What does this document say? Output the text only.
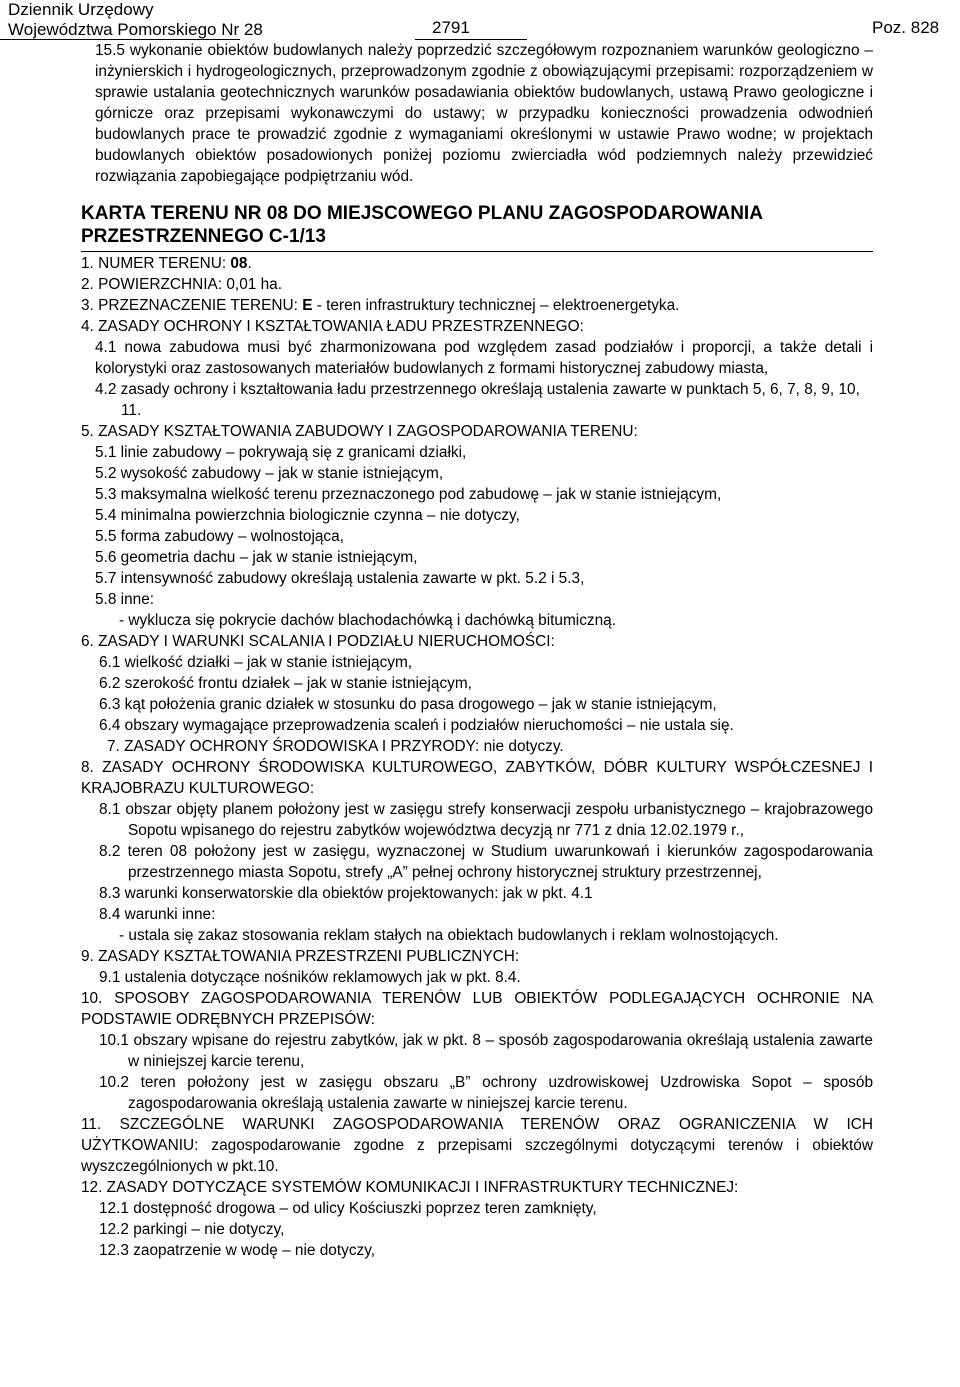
Dziennik Urzędowy
Województwa Pomorskiego Nr 28	2791	Poz. 828

15.5 wykonanie obiektów budowlanych należy poprzedzić szczegółowym rozpoznaniem warunków geologiczno – inżynierskich i hydrogeologicznych, przeprowadzonym zgodnie z obowiązującymi przepisami: rozporządzeniem w sprawie ustalania geotechnicznych warunków posadawiania obiektów budowlanych, ustawą Prawo geologiczne i górnicze oraz przepisami wykonawczymi do ustawy; w przypadku konieczności prowadzenia odwodnień budowlanych prace te prowadzić zgodnie z wymaganiami określonymi w ustawie Prawo wodne; w projektach budowlanych obiektów posadowionych poniżej poziomu zwierciadła wód podziemnych należy przewidzieć rozwiązania zapobiegające podpiętrzaniu wód.

KARTA TERENU NR 08 DO MIEJSCOWEGO PLANU ZAGOSPODAROWANIA PRZESTRZENNEGO C-1/13

1. NUMER TERENU: 08.

2. POWIERZCHNIA: 0,01 ha.

3. PRZEZNACZENIE TERENU: E - teren infrastruktury technicznej – elektroenergetyka.

4. ZASADY OCHRONY I KSZTAŁTOWANIA ŁADU PRZESTRZENNEGO:

4.1 nowa zabudowa musi być zharmonizowana pod względem zasad podziałów i proporcji, a także detali i kolorystyki oraz zastosowanych materiałów budowlanych z formami historycznej zabudowy miasta,

4.2 zasady ochrony i kształtowania ładu przestrzennego określają ustalenia zawarte w punktach 5, 6, 7, 8, 9, 10, 11.

5. ZASADY KSZTAŁTOWANIA ZABUDOWY I ZAGOSPODAROWANIA TERENU:

5.1 linie zabudowy – pokrywają się z granicami działki,

5.2 wysokość zabudowy – jak w stanie istniejącym,

5.3 maksymalna wielkość terenu przeznaczonego pod zabudowę – jak w stanie istniejącym,

5.4 minimalna powierzchnia biologicznie czynna – nie dotyczy,

5.5 forma zabudowy – wolnostojąca,

5.6 geometria dachu – jak w stanie istniejącym,

5.7 intensywność zabudowy określają ustalenia zawarte w pkt. 5.2 i 5.3,

5.8 inne:

- wyklucza się pokrycie dachów blachodachówką i dachówką bitumiczną.

6. ZASADY I WARUNKI SCALANIA I PODZIAŁU NIERUCHOMOŚCI:

6.1 wielkość działki – jak w stanie istniejącym,

6.2 szerokość frontu działek – jak w stanie istniejącym,

6.3 kąt położenia granic działek w stosunku do pasa drogowego – jak w stanie istniejącym,

6.4 obszary wymagające przeprowadzenia scaleń i podziałów nieruchomości – nie ustala się.

7. ZASADY OCHRONY ŚRODOWISKA I PRZYRODY: nie dotyczy.

8. ZASADY OCHRONY ŚRODOWISKA KULTUROWEGO, ZABYTKÓW, DÓBR KULTURY WSPÓŁCZESNEJ I KRAJOBRAZU KULTUROWEGO:

8.1 obszar objęty planem położony jest w zasięgu strefy konserwacji zespołu urbanistycznego – krajobrazowego Sopotu wpisanego do rejestru zabytków województwa decyzją nr 771 z dnia 12.02.1979 r.,

8.2 teren 08 położony jest w zasięgu, wyznaczonej w Studium uwarunkowań i kierunków zagospodarowania przestrzennego miasta Sopotu, strefy „A” pełnej ochrony historycznej struktury przestrzennej,

8.3 warunki konserwatorskie dla obiektów projektowanych: jak w pkt. 4.1

8.4 warunki inne:

- ustala się zakaz stosowania reklam stałych na obiektach budowlanych i reklam wolnostojących.

9. ZASADY KSZTAŁTOWANIA PRZESTRZENI PUBLICZNYCH:

9.1 ustalenia dotyczące nośników reklamowych jak w pkt. 8.4.

10. SPOSOBY ZAGOSPODAROWANIA TERENÓW LUB OBIEKTÓW PODLEGAJĄCYCH OCHRONIE NA PODSTAWIE ODRĘBNYCH PRZEPISÓW:

10.1 obszary wpisane do rejestru zabytków, jak w pkt. 8 – sposób zagospodarowania określają ustalenia zawarte w niniejszej karcie terenu,

10.2 teren położony jest w zasięgu obszaru „B” ochrony uzdrowiskowej Uzdrowiska Sopot – sposób zagospodarowania określają ustalenia zawarte w niniejszej karcie terenu.

11. SZCZEGÓLNE WARUNKI ZAGOSPODAROWANIA TERENÓW ORAZ OGRANICZENIA W ICH UŻYTKOWANIU: zagospodarowanie zgodne z przepisami szczególnymi dotyczącymi terenów i obiektów wyszczególnionych w pkt.10.

12. ZASADY DOTYCZĄCE SYSTEMÓW KOMUNIKACJI I INFRASTRUKTURY TECHNICZNEJ:

12.1 dostępność drogowa – od ulicy Kościuszki poprzez teren zamknięty,

12.2 parkingi – nie dotyczy,

12.3 zaopatrzenie w wodę – nie dotyczy,
